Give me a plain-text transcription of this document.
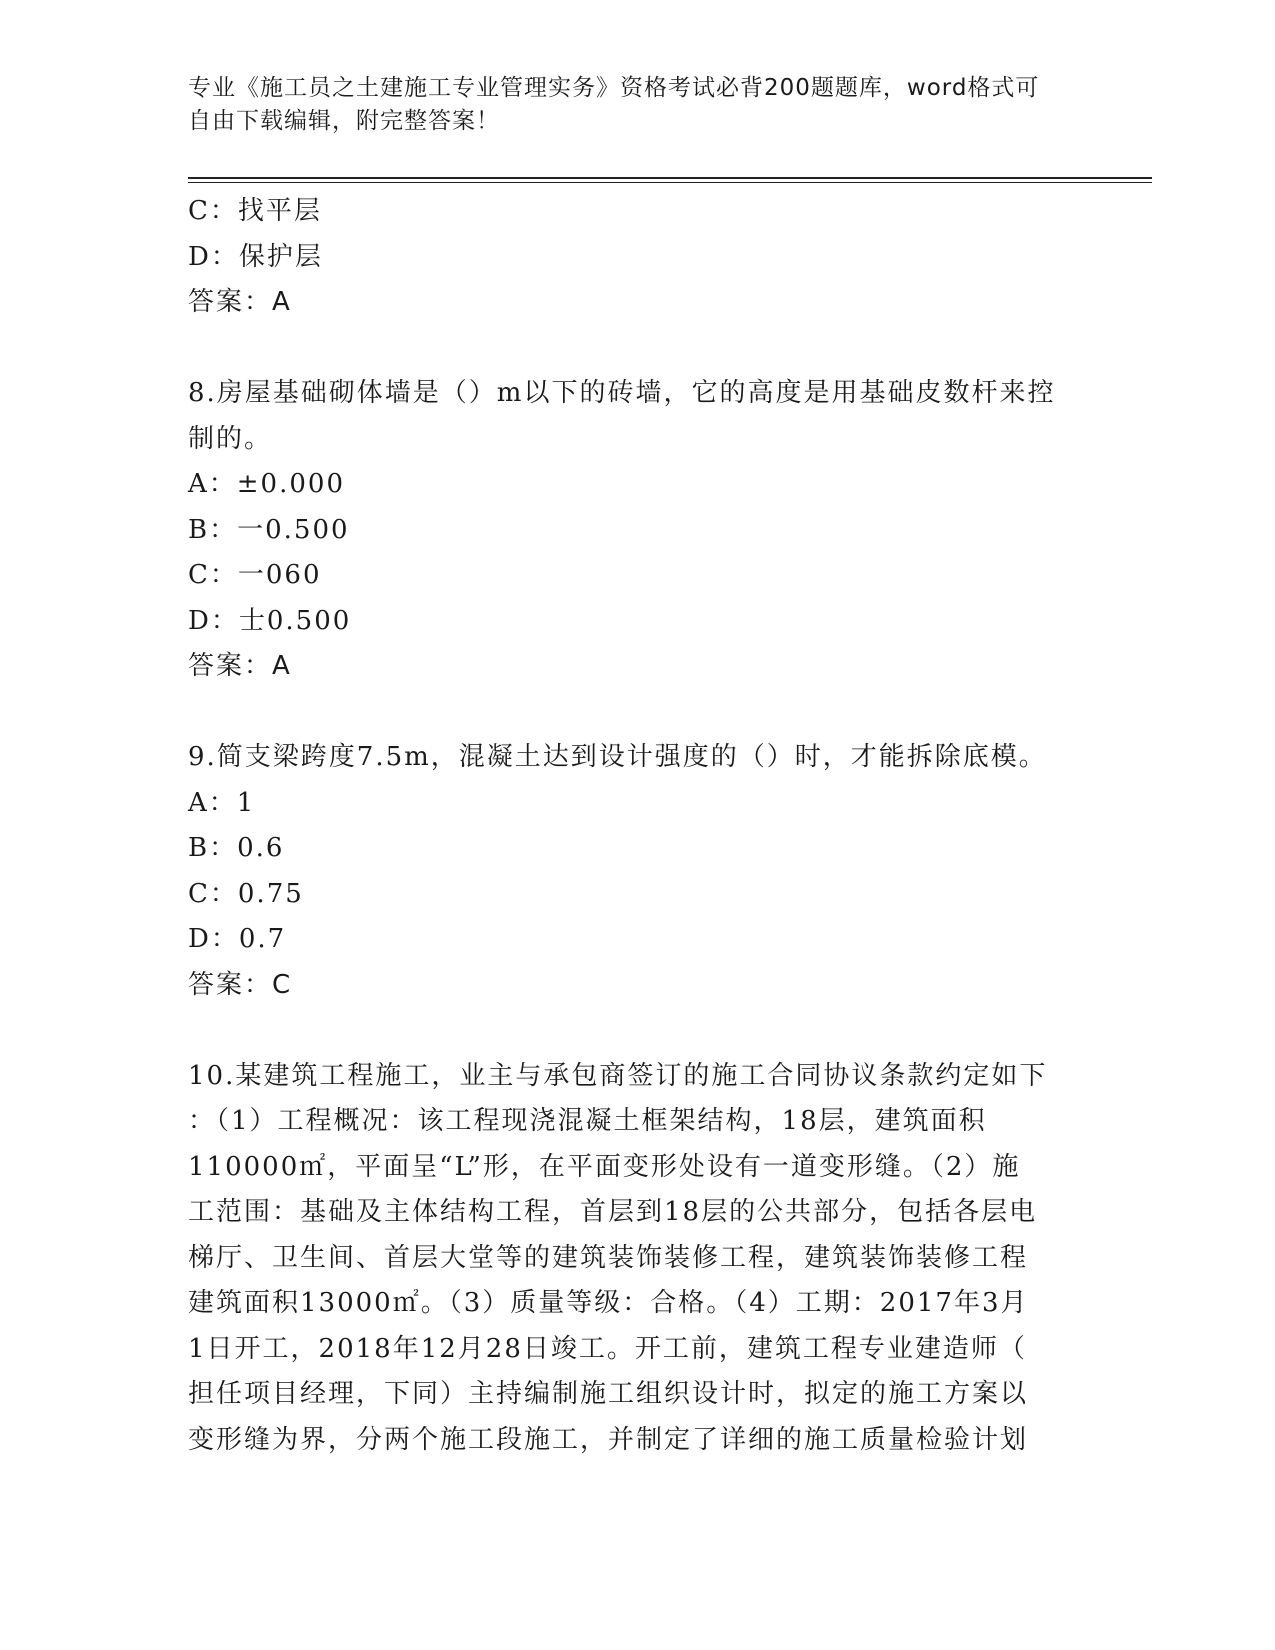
专业《施工员之土建施工专业管理实务》资格考试必背200题题库，word格式可
自由下载编辑，附完整答案！
C：找平层
D：保护层
答案：A
8.房屋基础砌体墙是（）m以下的砖墙，它的高度是用基础皮数杆来控
制的。
A：±0.000
B：一0.500
C：一060
D：士0.500
答案：A
9.简支梁跨度7.5m，混凝土达到设计强度的（）时，才能拆除底模。
A：1
B：0.6
C：0.75
D：0.7
答案：C
10.某建筑工程施工，业主与承包商签订的施工合同协议条款约定如下
：（1）工程概况：该工程现浇混凝土框架结构，18层，建筑面积
110000㎡，平面呈“L”形，在平面变形处设有一道变形缝。（2）施
工范围：基础及主体结构工程，首层到18层的公共部分，包括各层电
梯厅、卫生间、首层大堂等的建筑装饰装修工程，建筑装饰装修工程
建筑面积13000㎡。（3）质量等级：合格。（4）工期：2017年3月
1日开工，2018年12月28日竣工。开工前，建筑工程专业建造师（
担任项目经理，下同）主持编制施工组织设计时，拟定的施工方案以
变形缝为界，分两个施工段施工，并制定了详细的施工质量检验计划
